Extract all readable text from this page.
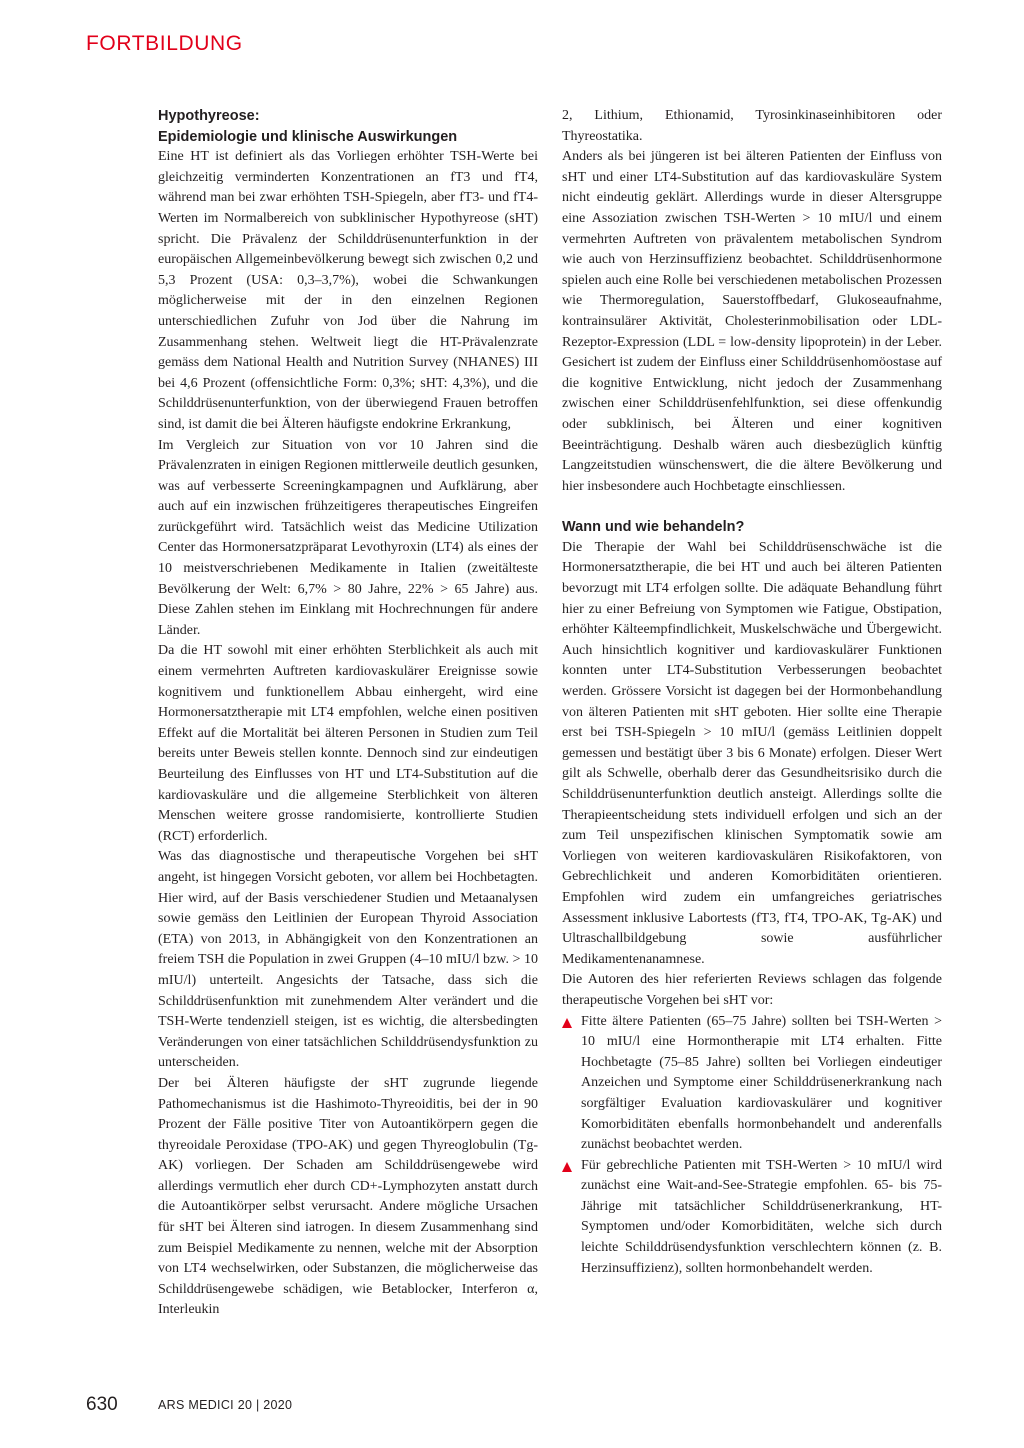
FORTBILDUNG
Hypothyreose:
Epidemiologie und klinische Auswirkungen

Eine HT ist definiert als das Vorliegen erhöhter TSH-Werte bei gleichzeitig verminderten Konzentrationen an fT3 und fT4, während man bei zwar erhöhten TSH-Spiegeln, aber fT3- und fT4-Werten im Normalbereich von subklinischer Hypothyreose (sHT) spricht. Die Prävalenz der Schilddrüsenunterfunktion in der europäischen Allgemeinbevölkerung bewegt sich zwischen 0,2 und 5,3 Prozent (USA: 0,3–3,7%), wobei die Schwankungen möglicherweise mit der in den einzelnen Regionen unterschiedlichen Zufuhr von Jod über die Nahrung im Zusammenhang stehen. Weltweit liegt die HT-Prävalenzrate gemäss dem National Health and Nutrition Survey (NHANES) III bei 4,6 Prozent (offensichtliche Form: 0,3%; sHT: 4,3%), und die Schilddrüsenunterfunktion, von der überwiegend Frauen betroffen sind, ist damit die bei Älteren häufigste endokrine Erkrankung,

Im Vergleich zur Situation von vor 10 Jahren sind die Prävalenzraten in einigen Regionen mittlerweile deutlich gesunken, was auf verbesserte Screeningkampagnen und Aufklärung, aber auch auf ein inzwischen frühzeitigeres therapeutisches Eingreifen zurückgeführt wird. Tatsächlich weist das Medicine Utilization Center das Hormonersatzpräparat Levothyroxin (LT4) als eines der 10 meistverschriebenen Medikamente in Italien (zweitälteste Bevölkerung der Welt: 6,7% > 80 Jahre, 22% > 65 Jahre) aus. Diese Zahlen stehen im Einklang mit Hochrechnungen für andere Länder.

Da die HT sowohl mit einer erhöhten Sterblichkeit als auch mit einem vermehrten Auftreten kardiovaskulärer Ereignisse sowie kognitivem und funktionellem Abbau einhergeht, wird eine Hormonersatztherapie mit LT4 empfohlen, welche einen positiven Effekt auf die Mortalität bei älteren Personen in Studien zum Teil bereits unter Beweis stellen konnte. Dennoch sind zur eindeutigen Beurteilung des Einflusses von HT und LT4-Substitution auf die kardiovaskuläre und die allgemeine Sterblichkeit von älteren Menschen weitere grosse randomisierte, kontrollierte Studien (RCT) erforderlich.

Was das diagnostische und therapeutische Vorgehen bei sHT angeht, ist hingegen Vorsicht geboten, vor allem bei Hochbetagten. Hier wird, auf der Basis verschiedener Studien und Metaanalysen sowie gemäss den Leitlinien der European Thyroid Association (ETA) von 2013, in Abhängigkeit von den Konzentrationen an freiem TSH die Population in zwei Gruppen (4–10 mIU/l bzw. > 10 mIU/l) unterteilt. Angesichts der Tatsache, dass sich die Schilddrüsenfunktion mit zunehmendem Alter verändert und die TSH-Werte tendenziell steigen, ist es wichtig, die altersbedingten Veränderungen von einer tatsächlichen Schilddrüsendysfunktion zu unterscheiden.

Der bei Älteren häufigste der sHT zugrunde liegende Pathomechanismus ist die Hashimoto-Thyreoiditis, bei der in 90 Prozent der Fälle positive Titer von Autoantikörpern gegen die thyreoidale Peroxidase (TPO-AK) und gegen Thyreoglobulin (Tg-AK) vorliegen. Der Schaden am Schilddrüsengewebe wird allerdings vermutlich eher durch CD+-Lymphozyten anstatt durch die Autoantikörper selbst verursacht. Andere mögliche Ursachen für sHT bei Älteren sind iatrogen. In diesem Zusammenhang sind zum Beispiel Medikamente zu nennen, welche mit der Absorption von LT4 wechselwirken, oder Substanzen, die möglicherweise das Schilddrüsengewebe schädigen, wie Betablocker, Interferon α, Interleukin

2, Lithium, Ethionamid, Tyrosinkinaseinhibitoren oder Thyreostatika.

Anders als bei jüngeren ist bei älteren Patienten der Einfluss von sHT und einer LT4-Substitution auf das kardiovaskuläre System nicht eindeutig geklärt. Allerdings wurde in dieser Altersgruppe eine Assoziation zwischen TSH-Werten > 10 mIU/l und einem vermehrten Auftreten von prävalentem metabolischen Syndrom wie auch von Herzinsuffizienz beobachtet. Schilddrüsenhormone spielen auch eine Rolle bei verschiedenen metabolischen Prozessen wie Thermoregulation, Sauerstoffbedarf, Glukoseaufnahme, kontrainsulärer Aktivität, Cholesterinmobilisation oder LDL-Rezeptor-Expression (LDL = low-density lipoprotein) in der Leber. Gesichert ist zudem der Einfluss einer Schilddrüsenhomöostase auf die kognitive Entwicklung, nicht jedoch der Zusammenhang zwischen einer Schilddrüsenfehlfunktion, sei diese offenkundig oder subklinisch, bei Älteren und einer kognitiven Beeinträchtigung. Deshalb wären auch diesbezüglich künftig Langzeitstudien wünschenswert, die die ältere Bevölkerung und hier insbesondere auch Hochbetagte einschliessen.

Wann und wie behandeln?

Die Therapie der Wahl bei Schilddrüsenschwäche ist die Hormonersatztherapie, die bei HT und auch bei älteren Patienten bevorzugt mit LT4 erfolgen sollte. Die adäquate Behandlung führt hier zu einer Befreiung von Symptomen wie Fatigue, Obstipation, erhöhter Kälteempfindlichkeit, Muskelschwäche und Übergewicht. Auch hinsichtlich kognitiver und kardiovaskulärer Funktionen konnten unter LT4-Substitution Verbesserungen beobachtet werden. Grössere Vorsicht ist dagegen bei der Hormonbehandlung von älteren Patienten mit sHT geboten. Hier sollte eine Therapie erst bei TSH-Spiegeln > 10 mIU/l (gemäss Leitlinien doppelt gemessen und bestätigt über 3 bis 6 Monate) erfolgen. Dieser Wert gilt als Schwelle, oberhalb derer das Gesundheitsrisiko durch die Schilddrüsenunterfunktion deutlich ansteigt. Allerdings sollte die Therapieentscheidung stets individuell erfolgen und sich an der zum Teil unspezifischen klinischen Symptomatik sowie am Vorliegen von weiteren kardiovaskulären Risikofaktoren, von Gebrechlichkeit und anderen Komorbiditäten orientieren. Empfohlen wird zudem ein umfangreiches geriatrisches Assessment inklusive Labortests (fT3, fT4, TPO-AK, Tg-AK) und Ultraschallbildgebung sowie ausführlicher Medikamentenanamnese.

Die Autoren des hier referierten Reviews schlagen das folgende therapeutische Vorgehen bei sHT vor:

Fitte ältere Patienten (65–75 Jahre) sollten bei TSH-Werten > 10 mIU/l eine Hormontherapie mit LT4 erhalten. Fitte Hochbetagte (75–85 Jahre) sollten bei Vorliegen eindeutiger Anzeichen und Symptome einer Schilddrüsenerkrankung nach sorgfältiger Evaluation kardiovaskulärer und kognitiver Komorbiditäten ebenfalls hormonbehandelt und anderenfalls zunächst beobachtet werden.
Für gebrechliche Patienten mit TSH-Werten > 10 mIU/l wird zunächst eine Wait-and-See-Strategie empfohlen. 65- bis 75-Jährige mit tatsächlicher Schilddrüsenerkrankung, HT-Symptomen und/oder Komorbiditäten, welche sich durch leichte Schilddrüsendysfunktion verschlechtern können (z. B. Herzinsuffizienz), sollten hormonbehandelt werden.
630	ARS MEDICI 20 | 2020
